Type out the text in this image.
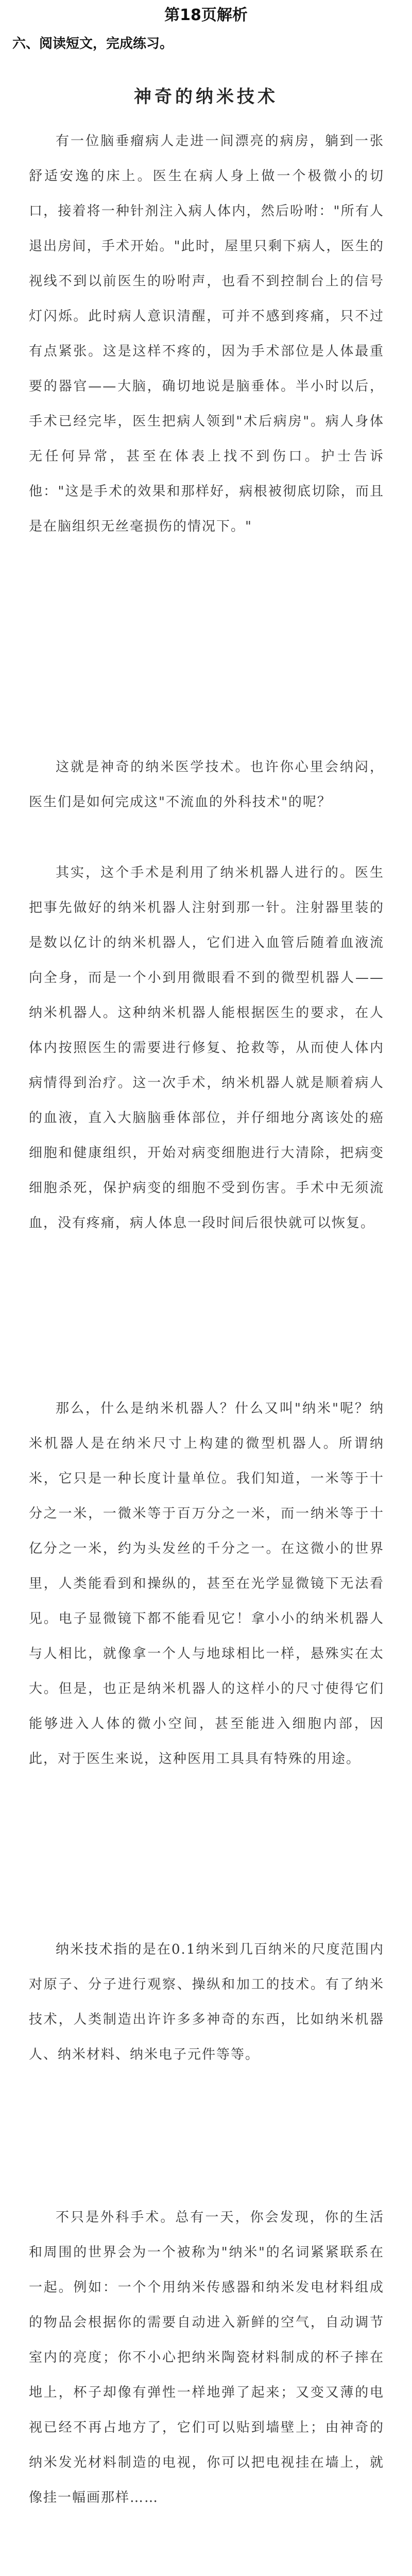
第18页解析
六、阅读短文，完成练习。
神奇的纳米技术
有一位脑垂瘤病人走进一间漂亮的病房，躺到一张舒适安逸的床上。医生在病人身上做一个极微小的切口，接着将一种针剂注入病人体内，然后吩咐："所有人退出房间，手术开始。"此时，屋里只剩下病人，医生的视线不到以前医生的吩咐声，也看不到控制台上的信号灯闪烁。此时病人意识清醒，可并不感到疼痛，只不过有点紧张。这是这样不疼的，因为手术部位是人体最重要的器官——大脑，确切地说是脑垂体。半小时以后，手术已经完毕，医生把病人领到"术后病房"。病人身体无任何异常，甚至在体表上找不到伤口。护士告诉他："这是手术的效果和那样好，病根被彻底切除，而且是在脑组织无丝毫损伤的情况下。"
这就是神奇的纳米医学技术。也许你心里会纳闷，医生们是如何完成这"不流血的外科技术"的呢？
其实，这个手术是利用了纳米机器人进行的。医生把事先做好的纳米机器人注射到那一针。注射器里装的是数以亿计的纳米机器人，它们进入血管后随着血液流向全身，而是一个小到用微眼看不到的微型机器人——纳米机器人。这种纳米机器人能根据医生的要求，在人体内按照医生的需要进行修复、抢救等，从而使人体内病情得到治疗。这一次手术，纳米机器人就是顺着病人的血液，直入大脑脑垂体部位，并仔细地分离该处的癌细胞和健康组织，开始对病变细胞进行大清除，把病变细胞杀死，保护病变的细胞不受到伤害。手术中无须流血，没有疼痛，病人体息一段时间后很快就可以恢复。
那么，什么是纳米机器人？什么又叫"纳米"呢？纳米机器人是在纳米尺寸上构建的微型机器人。所谓纳米，它只是一种长度计量单位。我们知道，一米等于十分之一米，一微米等于百万分之一米，而一纳米等于十亿分之一米，约为头发丝的千分之一。在这微小的世界里，人类能看到和操纵的，甚至在光学显微镜下无法看见。电子显微镜下都不能看见它！拿小小的纳米机器人与人相比，就像拿一个人与地球相比一样，悬殊实在太大。但是，也正是纳米机器人的这样小的尺寸使得它们能够进入人体的微小空间，甚至能进入细胞内部，因此，对于医生来说，这种医用工具具有特殊的用途。
纳米技术指的是在0.1纳米到几百纳米的尺度范围内对原子、分子进行观察、操纵和加工的技术。有了纳米技术，人类制造出许许多多神奇的东西，比如纳米机器人、纳米材料、纳米电子元件等等。
不只是外科手术。总有一天，你会发现，你的生活和周围的世界会为一个被称为"纳米"的名词紧紧联系在一起。例如：一个个用纳米传感器和纳米发电材料组成的物品会根据你的需要自动进入新鲜的空气，自动调节室内的亮度；你不小心把纳米陶瓷材料制成的杯子摔在地上，杯子却像有弹性一样地弹了起来；又变又薄的电视已经不再占地方了，它们可以贴到墙壁上；由神奇的纳米发光材料制造的电视，你可以把电视挂在墙上，就像挂一幅画那样……
